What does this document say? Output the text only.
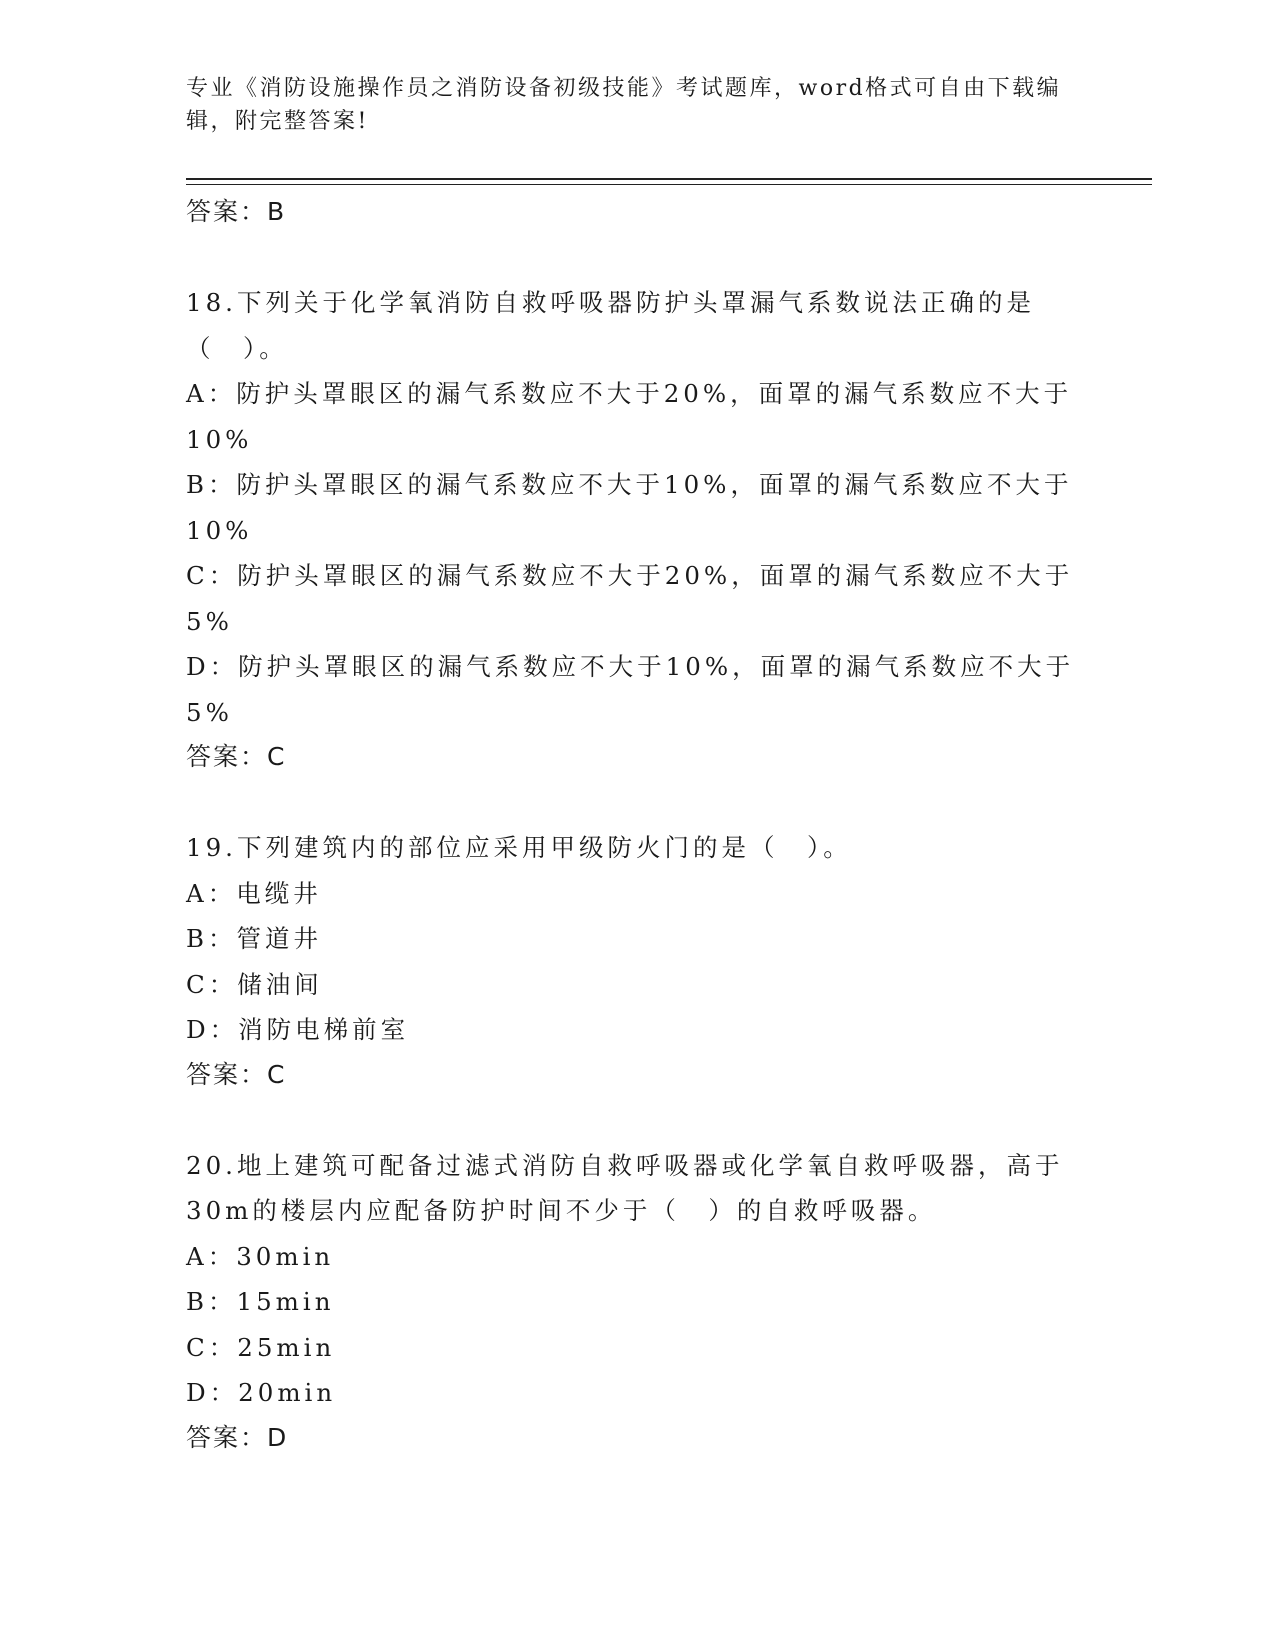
专业《消防设施操作员之消防设备初级技能》考试题库，word格式可自由下载编辑，附完整答案!

答案：B

18.下列关于化学氧消防自救呼吸器防护头罩漏气系数说法正确的是（　）。

A：防护头罩眼区的漏气系数应不大于20%，面罩的漏气系数应不大于10%

B：防护头罩眼区的漏气系数应不大于10%，面罩的漏气系数应不大于10%

C：防护头罩眼区的漏气系数应不大于20%，面罩的漏气系数应不大于5%

D：防护头罩眼区的漏气系数应不大于10%，面罩的漏气系数应不大于5%

答案：C

19.下列建筑内的部位应采用甲级防火门的是（　）。

A：电缆井

B：管道井

C：储油间

D：消防电梯前室

答案：C

20.地上建筑可配备过滤式消防自救呼吸器或化学氧自救呼吸器，高于30m的楼层内应配备防护时间不少于（　）的自救呼吸器。

A：30min

B：15min

C：25min

D：20min

答案：D
